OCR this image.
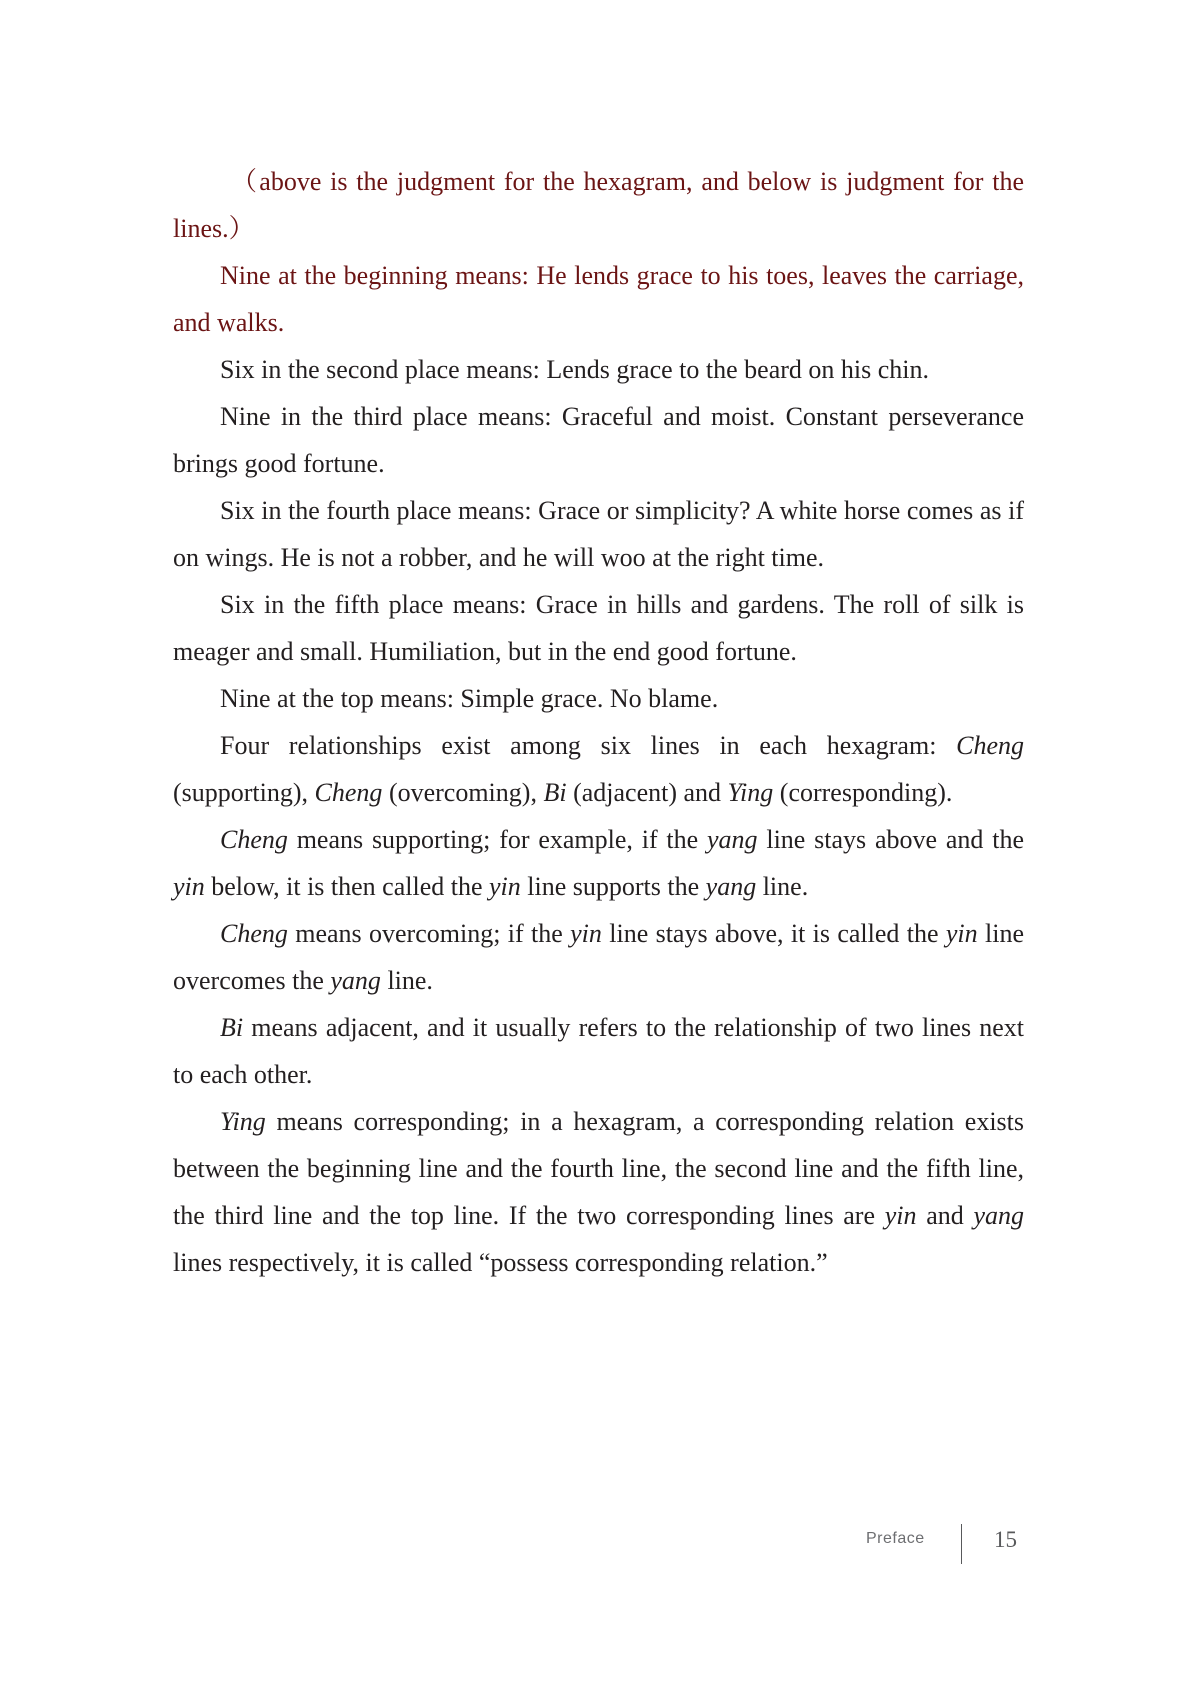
（above is the judgment for the hexagram, and below is judgment for the lines.）

Nine at the beginning means: He lends grace to his toes, leaves the carriage, and walks.

Six in the second place means: Lends grace to the beard on his chin.

Nine in the third place means: Graceful and moist. Constant perseverance brings good fortune.

Six in the fourth place means: Grace or simplicity? A white horse comes as if on wings. He is not a robber, and he will woo at the right time.

Six in the fifth place means: Grace in hills and gardens. The roll of silk is meager and small. Humiliation, but in the end good fortune.

Nine at the top means: Simple grace. No blame.

Four relationships exist among six lines in each hexagram: Cheng (supporting), Cheng (overcoming), Bi (adjacent) and Ying (corresponding).

Cheng means supporting; for example, if the yang line stays above and the yin below, it is then called the yin line supports the yang line.

Cheng means overcoming; if the yin line stays above, it is called the yin line overcomes the yang line.

Bi means adjacent, and it usually refers to the relationship of two lines next to each other.

Ying means corresponding; in a hexagram, a corresponding relation exists between the beginning line and the fourth line, the second line and the fifth line, the third line and the top line. If the two corresponding lines are yin and yang lines respectively, it is called “possess corresponding relation.”

Preface	15
